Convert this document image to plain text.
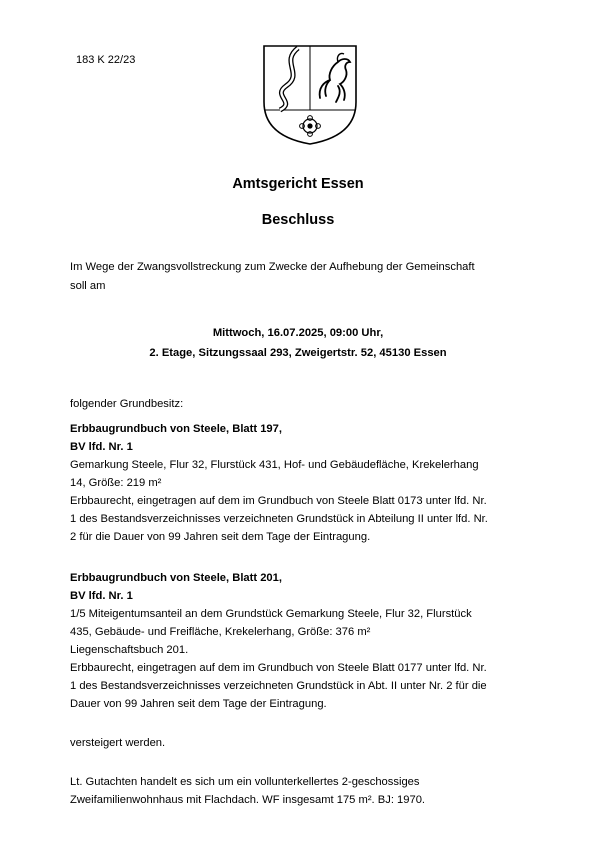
183 K 22/23
Amtsgericht Essen
Beschluss
Im Wege der Zwangsvollstreckung zum Zwecke der Aufhebung der Gemeinschaft
soll am
Mittwoch, 16.07.2025, 09:00 Uhr,
2. Etage, Sitzungssaal 293, Zweigertstr. 52, 45130 Essen
folgender Grundbesitz:

Erbbaugrundbuch von Steele, Blatt 197,

BV lfd. Nr. 1

Gemarkung Steele, Flur 32, Flurstück 431, Hof- und Gebäudefläche, Krekelerhang

14, Größe: 219 m²

Erbbaurecht, eingetragen auf dem im Grundbuch von Steele Blatt 0173 unter lfd. Nr.

1 des Bestandsverzeichnisses verzeichneten Grundstück in Abteilung II unter lfd. Nr.

2 für die Dauer von 99 Jahren seit dem Tage der Eintragung.

Erbbaugrundbuch von Steele, Blatt 201,

BV lfd. Nr. 1

1/5 Miteigentumsanteil an dem Grundstück Gemarkung Steele, Flur 32, Flurstück

435, Gebäude- und Freifläche, Krekelerhang, Größe: 376 m²

Liegenschaftsbuch 201.

Erbbaurecht, eingetragen auf dem im Grundbuch von Steele Blatt 0177 unter lfd. Nr.

1 des Bestandsverzeichnisses verzeichneten Grundstück in Abt. II unter Nr. 2 für die

Dauer von 99 Jahren seit dem Tage der Eintragung.

versteigert werden.

Lt. Gutachten handelt es sich um ein vollunterkellertes 2-geschossiges

Zweifamilienwohnhaus mit Flachdach. WF insgesamt 175 m². BJ: 1970.
